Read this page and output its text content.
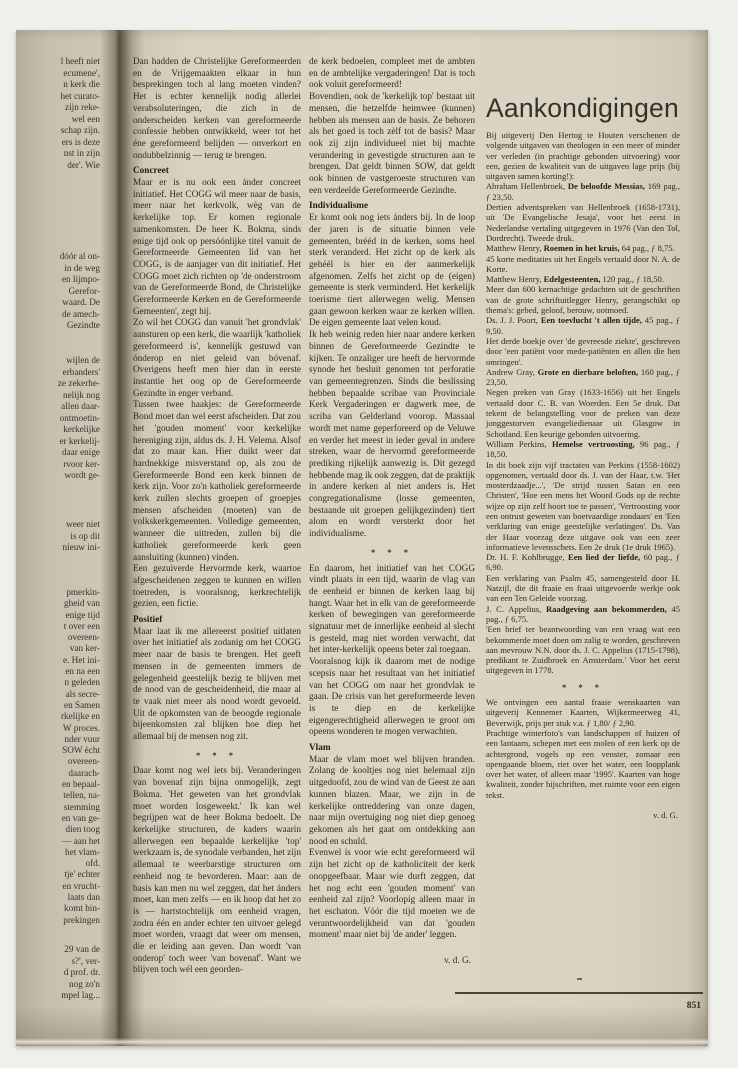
l heeft niet
ecumene',
n kerk die
het curato-
zijn reke-
wel een
schap zijn.
ers is deze
nst in zijn
der'. Wie
dóór al on-
in de weg
en lijmpo-
Gerefor-
waard. De
de amech-
Gezindte
wijlen de
erbanders'
ze zekerhe-
nelijk nog
allen daar-
ontmoetin-
kerkelijke
er kerkelij-
daar enige
rvoor ker-
wordt ge-
weer niet
is op dit
nieuw ini-
pmerkin-
gheid van
enige tijd
t over een
overeen-
van ker-
e. Het ini-
en na een
n geleden
als secre-
en Samen
rkelijke en
W proces.
nder vuur
SOW ècht
overeen-
daarach-
en bepaal-
tellen, na-
stemming
en van ge-
dien toog
— aan het
het vlam-
ofd.
tje' echter
en vrucht-
laats dan
komt bin-
prekingen
29 van de
s?', ver-
d prof. dr.
nog zo'n
mpel lag...

Dan hadden de Christelijke Gereformeerden en de Vrijgemaakten elkaar in hun besprekingen toch al lang moeten vinden? Het is echter kennelijk nodig allerlei verabsoluteringen, die zich in de onderscheiden kerken van gereformeerde confessie hebben ontwikkeld, weer tot het éne gereformeerd belijden — onverkort en ondubbelzinnig — terug te brengen.

Concreet

Maar er is nu ook een ánder concreet initiatief. Het COGG wil meer naar de basis, meer naar het kerkvolk, wèg van de kerkelijke top. Er komen regionale samenkomsten. De heer K. Bokma, sinds enige tijd ook op persóónlijke titel vanuit de Gereformeerde Gemeenten lid van het COGG, is de aanjager van dit initiatief. Het COGG moet zich richten op 'de onderstroom van de Gereformeerde Bond, de Christelijke Gereformeerde Kerken en de Gereformeerde Gemeenten', zegt hij.

Zo wil het COGG dan vanuit 'het grondvlak' aansturen op een kerk, die waarlijk 'katholiek gereformeerd is', kennelijk gestuwd van ónderop en niet geleid van bóvenaf. Overigens heeft men hier dan in eerste instantie het oog op de Gereformeerde Gezindte in enger verband.

Tussen twee haakjes: de Gereformeerde Bond moet dan wel eerst afscheiden. Dat zou het 'gouden moment' voor kerkelijke hereniging zijn, aldus ds. J. H. Velema. Alsof dat zo maar kan. Hier duikt weer dat hardnekkige misverstand op, als zou de Gereformeerde Bond een kerk binnen de kerk zijn. Voor zo'n katholiek gereformeerde kerk zullen slechts groepen of groepjes mensen afscheiden (moeten) van de volkskerkgemeenten. Volledige gemeenten, wanneer die uittreden, zullen bij die katholiek gereformeerde kerk geen aansluiting (kunnen) vinden.

Een gezuiverde Hervormde kerk, waartoe afgescheidenen zeggen te kunnen en willen toetreden, is vooralsnog, kerkrechtelijk gezien, een fictie.

Positief

Maar laat ik me allereerst positief uitlaten over het initiatief als zodanig om het COGG meer naar de basis te brengen. Het geeft mensen in de gemeenten immers de gelegenheid geestelijk bezig te blijven met de nood van de gescheidenheid, die maar al te vaak niet meer als nood wordt gevoeld. Uit de opkomsten van de beoogde regionale bijeenkomsten zal blijken hoe diep het allemaal bij de mensen nog zit.

* * *

Daar komt nog wel iets bij. Veranderingen van bovenaf zijn bijna onmogelijk, zegt Bokma. 'Het geweten van het grondvlak moet worden losgeweekt.' Ik kan wel begrijpen wat de heer Bokma bedoelt. De kerkelijke structuren, de kaders waarin allerwegen een bepaalde kerkelijke 'top' werkzaam is, de synodale verbanden, het zijn allemaal te weerbarstige structuren om eenheid nog te bevorderen. Maar: aan de basis kan men nu wel zeggen, dat het ánders moet, kan men zelfs — en ik hoop dat het zo is — hartstochtelijk om eenheid vragen, zodra één en ander echter ten uitvoer gelegd moet worden, vraagt dat weer om mensen, die er leiding aan geven. Dan wordt 'van onderop' toch weer 'van bovenaf'. Want we blijven toch wél een georden-

de kerk bedoelen, compleet met de ambten en de ambtelijke vergaderingen! Dat is toch ook voluit gereformeerd!

Bovendien, ook de 'kerkelijk top' bestaat uit mensen, die hetzelfde heimwee (kunnen) hebben als mensen aan de basis. Ze behoren als het goed is toch zèlf tot de basis? Maar ook zij zijn individueel niet bij machte verandering in gevestigde structuren aan te brengen. Dat geldt binnen SOW, dat geldt ook binnen de vastgeroeste structuren van een verdeelde Gereformeerde Gezindte.

Individualisme

Er komt ook nog iets ánders bij. In de loop der jaren is de situatie binnen vele gemeenten, brééd in de kerken, soms heel sterk veranderd. Het zicht op de kerk als gehéél is hier en der aanmerkelijk afgenomen. Zelfs het zicht op de (eigen) gemeente is sterk verminderd. Het kerkelijk toerisme tiert allerwegen welig. Mensen gaan gewoon kerken waar ze kerken willen. De eigen gemeente laat velen koud.

Ik heb weinig reden hier naar andere kerken binnen de Gereformeerde Gezindte te kijken. Te onzaliger ure heeft de hervormde synode het besluit genomen tot perforatie van gemeentegrenzen. Sinds die beslissing hebben bepaalde scribae van Provinciale Kerk Vergaderingen er dagwerk mee, de scriba van Gelderland voorop. Massaal wordt met name geperforeerd op de Veluwe en verder het meest in ieder geval in andere streken, waar de hervormd gereformeerde prediking rijkelijk aanwezig is. Dit gezegd hebbende mag ik ook zeggen, dat de praktijk in andere kerken al niet anders is. Het congregationalisme (losse gemeenten, bestaande uit groepen gelijkgezinden) tiert alom en wordt versterkt door het individualisme.

* * *

En daarom, het initiatief van het COGG vindt plaats in een tijd, waarin de vlag van de eenheid er binnen de kerken laag bij hangt. Waar het in elk van de gereformeerde kerken of bewegingen van gereformeerde signatuur met de innerlijke eenheid al slecht is gesteld, mag niet worden verwacht, dat het inter-kerkelijk opeens beter zal toegaan.

Vooralsnog kijk ik daarom met de nodige scepsis naar het resultaat van het initiatief van het COGG om naar het grondvlak te gaan. De crisis van het gereformeerde leven is te diep en de kerkelijke eigengerechtigheid allerwegen te groot om opeens wonderen te mogen verwachten.

Vlam

Maar de vlam moet wel blijven branden. Zolang de kooltjes nog niet helemaal zijn uitgedoofd, zou de wind van de Geest ze aan kunnen blazen. Maar, we zijn in de kerkelijke ontreddering van onze dagen, naar mijn overtuiging nog niet diep genoeg gekomen als het gaat om ontdekking aan nood en schuld.

Evenwel is voor wie echt gereformeerd wil zijn het zicht op de katholiciteit der kerk onopgeefbaar. Maar wie durft zeggen, dat het nog echt een 'gouden moment' van eenheid zal zijn? Voorlopig alleen maar in het eschaton. Vóór die tijd moeten we de verantwoordelijkheid van dat 'gouden moment' maar niet bij 'de ander' leggen.

v. d. G.

Aankondigingen

Bij uitgeverij Den Hertog te Houten verschenen de volgende uitgaven van theologen in een meer of minder ver verleden (in prachtige gebonden uitvoering) voor een, gezien de kwaliteit van de uitgaven lage prijs (bij uitgaven samen korting!):

Abraham Hellenbroek, De beloofde Messias, 169 pag., ƒ 23,50.

Dertien adventspreken van Hellenbroek (1658-1731), uit 'De Evangelische Jesaja', voor het eerst in Nederlandse vertaling uitgegeven in 1976 (Van den Tol, Dordrecht). Tweede druk.

Matthew Henry, Roemen in het kruis, 64 pag., ƒ 8,75.

45 korte meditaties uit het Engels vertaald door N. A. de Korte.

Matthew Henry, Edelgesteenten, 120 pag., ƒ 18,50.

Meer dan 600 kernachtige gedachten uit de geschriften van de grote schriftuitlegger Henry, gerangschikt op thema's: gebed, geloof, berouw, ootmoed.

Ds. J. J. Poort, Een toevlucht 't allen tijde, 45 pag., ƒ 9,50.

Het derde boekje over 'de gevreesde ziekte', geschreven door 'een patiënt voor mede-patiënten en allen die hen omringen'.

Andrew Gray, Grote en dierbare beloften, 160 pag., ƒ 23,50.

Negen preken van Gray (1633-1656) uit het Engels vertaald door C. B. van Woerden. Een 5e druk. Dat tekent de belangstelling voor de preken van deze jonggestorven evangeliedienaar uit Glasgow in Schotland. Een keurige gebonden uitvoering.

William Perkins, Hemelse vertroosting, 96 pag., ƒ 18,50.

In dit boek zijn vijf tractaten van Perkins (1558-1602) opgenomen, vertaald door ds. J. van der Haar, t.w. 'Het mosterdzaadje...', 'De strijd tussen Satan en een Christen', 'Hoe een mens het Woord Gods op de rechte wijze op zijn zelf hoort toe te passen', 'Vertroosting voor een ontrust geweten van boetvaardige zondaars' en 'Een verklaring van enige geestelijke verlatingen'. Ds. Van der Haar voorzag deze uitgave ook van een zeer informatieve levensschets. Een 2e druk (1e druk 1965).

Dr. H. F. Kohlbrugge, Een lied der liefde, 60 pag., ƒ 6,90.

Een verklaring van Psalm 45, samengesteld door H. Natzijl, die dit fraaie en fraai uitgevoerde werkje ook van een Ten Geleide voorzag.

J. C. Appelius, Raadgeving aan bekommerden, 45 pag., ƒ 6,75.

'Een brief ter beantwoording van een vraag wat een bekommerde moet doen om zalig te worden, geschreven aan mevrouw N.N. door ds. J. C. Appelius (1715-1798), predikant te Zuidbroek en Amsterdam.' Voor het eerst uitgegeven in 1778.

* * *

We ontvingen een aantal fraaie wenskaarten van uitgeverij Kennemer Kaarten, Wijkermeerweg 41, Beverwijk, prijs per stuk v.a. ƒ 1,80/ ƒ 2,90.

Prachtige winterfoto's van landschappen of huizen of een lantaarn, schepen met een molen of een kerk op de achtergrond, vogels op een venster, zomaar een opengaande bloem, riet over het water, een loopplank over het water, of alleen maar '1995'. Kaarten van hoge kwaliteit, zonder bijschriften, met ruimte voor een eigen tekst.

v. d. G.

851
